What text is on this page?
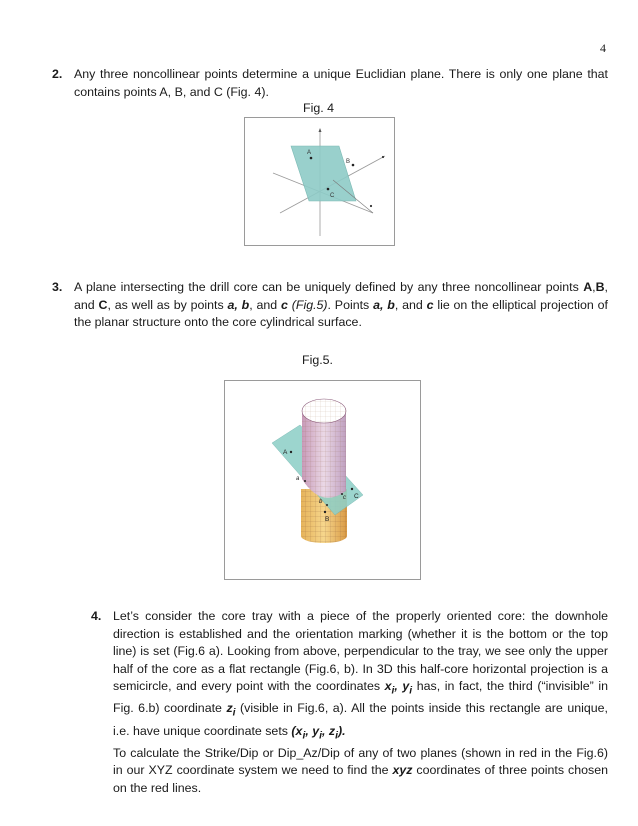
4
2. Any three noncollinear points determine a unique Euclidian plane. There is only one plane that contains points A, B, and C (Fig. 4).

Fig. 4
A
B
C
3. A plane intersecting the drill core can be uniquely defined by any three noncollinear points A,B, and C, as well as by points a, b, and c (Fig.5). Points a, b, and c lie on the elliptical projection of the planar structure onto the core cylindrical surface.

Fig.5.
A
C
B
a
b
c
4. Let’s consider the core tray with a piece of the properly oriented core: the downhole direction is established and the orientation marking (whether it is the bottom or the top line) is set (Fig.6 a). Looking from above, perpendicular to the tray, we see only the upper half of the core as a flat rectangle (Fig.6, b). In 3D this half-core horizontal projection is a semicircle, and every point with the coordinates $x_i$, $y_i$ has, in fact, the third (“invisible” in Fig. 6.b) coordinate $z_i$ (visible in Fig.6, a). All the points inside this rectangle are unique, i.e. have unique coordinate sets ($x_i$, $y_i$, $z_i$).

To calculate the Strike/Dip or Dip_Az/Dip of any of two planes (shown in red in the Fig.6) in our XYZ coordinate system we need to find the xyz coordinates of three points chosen on the red lines.
